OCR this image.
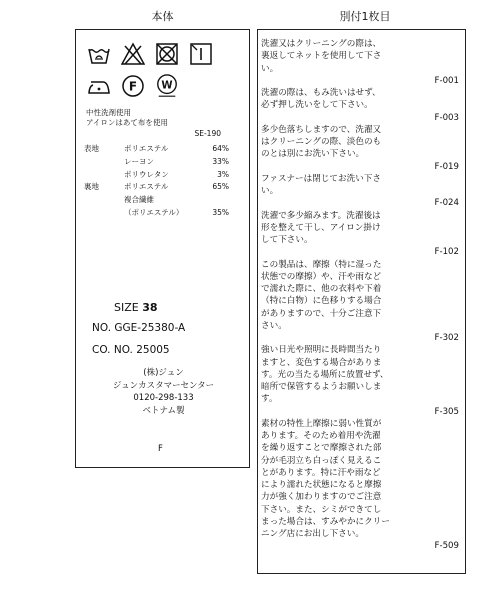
本体	別付1枚目
F W
中性洗剤使用
アイロンはあて布を使用
SE-190
表地	ポリエステル	64%
レーヨン	33%
ポリウレタン	3%
裏地	ポリエステル	65%
複合繊維
（ポリエステル）	35%
SIZE 38
NO. GGE-25380-A
CO. NO. 25005
(株)ジュン
ジュンカスタマーセンター
0120-298-133
ベトナム製
F
洗濯又はクリーニングの際は、
裏返してネットを使用して下さ
い。
F-001
洗濯の際は、もみ洗いはせず、
必ず押し洗いをして下さい。
F-003
多少色落ちしますので、洗濯又
はクリーニングの際、淡色のも
のとは別にお洗い下さい。
F-019
ファスナーは閉じてお洗い下さ
い。
F-024
洗濯で多少縮みます。洗濯後は
形を整えて干し、アイロン掛け
して下さい。
F-102
この製品は、摩擦（特に湿った
状態での摩擦）や、汗や雨など
で濡れた際に、他の衣料や下着
（特に白物）に色移りする場合
がありますので、十分ご注意下
さい。
F-302
強い日光や照明に長時間当たり
ますと、変色する場合がありま
す。光の当たる場所に放置せず、
暗所で保管するようお願いしま
す。
F-305
素材の特性上摩擦に弱い性質が
あります。そのため着用や洗濯
を繰り返すことで摩擦された部
分が毛羽立ち白っぽく見えるこ
とがあります。特に汗や雨など
により濡れた状態になると摩擦
力が強く加わりますのでご注意
下さい。また、シミができてし
まった場合は、すみやかにクリー
ニング店にお出し下さい。
F-509
